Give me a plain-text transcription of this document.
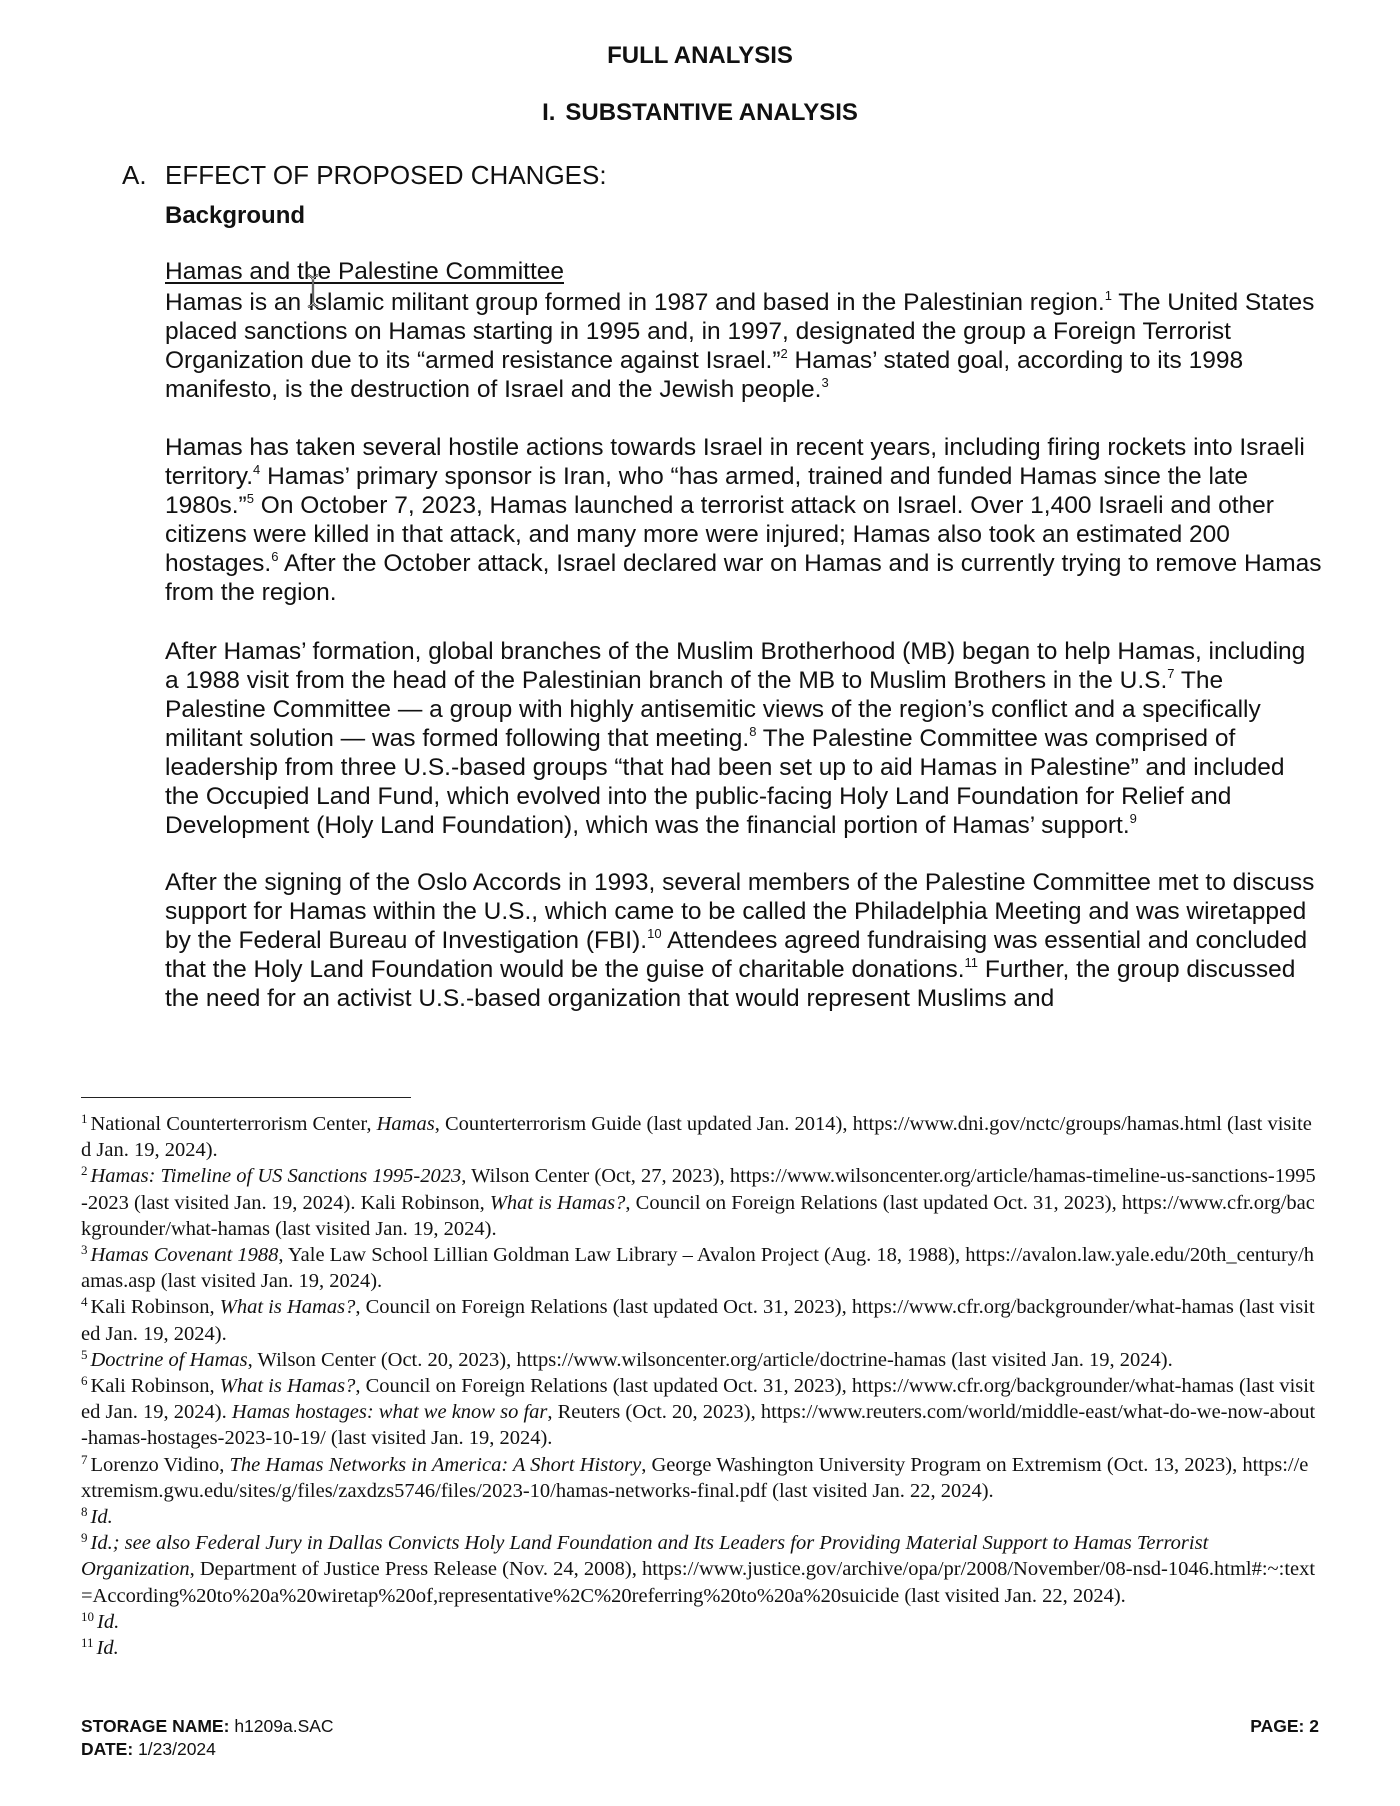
FULL ANALYSIS
I. SUBSTANTIVE ANALYSIS
A. EFFECT OF PROPOSED CHANGES:
Background
Hamas and the Palestine Committee

Hamas is an Islamic militant group formed in 1987 and based in the Palestinian region.$^1$ The United States placed sanctions on Hamas starting in 1995 and, in 1997, designated the group a Foreign Terrorist Organization due to its “armed resistance against Israel.”$^2$ Hamas’ stated goal, according to its 1998 manifesto, is the destruction of Israel and the Jewish people.$^3$

Hamas has taken several hostile actions towards Israel in recent years, including firing rockets into Israeli territory.$^4$ Hamas’ primary sponsor is Iran, who “has armed, trained and funded Hamas since the late 1980s.”$^5$ On October 7, 2023, Hamas launched a terrorist attack on Israel. Over 1,400 Israeli and other citizens were killed in that attack, and many more were injured; Hamas also took an estimated 200 hostages.$^6$ After the October attack, Israel declared war on Hamas and is currently trying to remove Hamas from the region.

After Hamas’ formation, global branches of the Muslim Brotherhood (MB) began to help Hamas, including a 1988 visit from the head of the Palestinian branch of the MB to Muslim Brothers in the U.S.$^7$ The Palestine Committee — a group with highly antisemitic views of the region’s conflict and a specifically militant solution — was formed following that meeting.$^8$ The Palestine Committee was comprised of leadership from three U.S.-based groups “that had been set up to aid Hamas in Palestine” and included the Occupied Land Fund, which evolved into the public-facing Holy Land Foundation for Relief and Development (Holy Land Foundation), which was the financial portion of Hamas’ support.$^9$

After the signing of the Oslo Accords in 1993, several members of the Palestine Committee met to discuss support for Hamas within the U.S., which came to be called the Philadelphia Meeting and was wiretapped by the Federal Bureau of Investigation (FBI).$^{10}$ Attendees agreed fundraising was essential and concluded that the Holy Land Foundation would be the guise of charitable donations.$^{11}$ Further, the group discussed the need for an activist U.S.-based organization that would represent Muslims and

$^1$ National Counterterrorism Center, Hamas, Counterterrorism Guide (last updated Jan. 2014), https://www.dni.gov/nctc/groups/hamas.html (last visited Jan. 19, 2024).

$^2$ Hamas: Timeline of US Sanctions 1995-2023, Wilson Center (Oct, 27, 2023), https://www.wilsoncenter.org/article/hamas-timeline-us-sanctions-1995-2023 (last visited Jan. 19, 2024). Kali Robinson, What is Hamas?, Council on Foreign Relations (last updated Oct. 31, 2023), https://www.cfr.org/backgrounder/what-hamas (last visited Jan. 19, 2024).

$^3$ Hamas Covenant 1988, Yale Law School Lillian Goldman Law Library – Avalon Project (Aug. 18, 1988), https://avalon.law.yale.edu/20th_century/hamas.asp (last visited Jan. 19, 2024).

$^4$ Kali Robinson, What is Hamas?, Council on Foreign Relations (last updated Oct. 31, 2023), https://www.cfr.org/backgrounder/what-hamas (last visited Jan. 19, 2024).

$^5$ Doctrine of Hamas, Wilson Center (Oct. 20, 2023), https://www.wilsoncenter.org/article/doctrine-hamas (last visited Jan. 19, 2024).

$^6$ Kali Robinson, What is Hamas?, Council on Foreign Relations (last updated Oct. 31, 2023), https://www.cfr.org/backgrounder/what-hamas (last visited Jan. 19, 2024). Hamas hostages: what we know so far, Reuters (Oct. 20, 2023), https://www.reuters.com/world/middle-east/what-do-we-now-about-hamas-hostages-2023-10-19/ (last visited Jan. 19, 2024).

$^7$ Lorenzo Vidino, The Hamas Networks in America: A Short History, George Washington University Program on Extremism (Oct. 13, 2023), https://extremism.gwu.edu/sites/g/files/zaxdzs5746/files/2023-10/hamas-networks-final.pdf (last visited Jan. 22, 2024).

$^8$ Id.

$^9$ Id.; see also Federal Jury in Dallas Convicts Holy Land Foundation and Its Leaders for Providing Material Support to Hamas Terrorist Organization, Department of Justice Press Release (Nov. 24, 2008), https://www.justice.gov/archive/opa/pr/2008/November/08-nsd-1046.html#:~:text=According%20to%20a%20wiretap%20of,representative%2C%20referring%20to%20a%20suicide (last visited Jan. 22, 2024).

$^{10}$ Id.

$^{11}$ Id.

STORAGE NAME: h1209a.SAC
DATE: 1/23/2024
PAGE: 2
